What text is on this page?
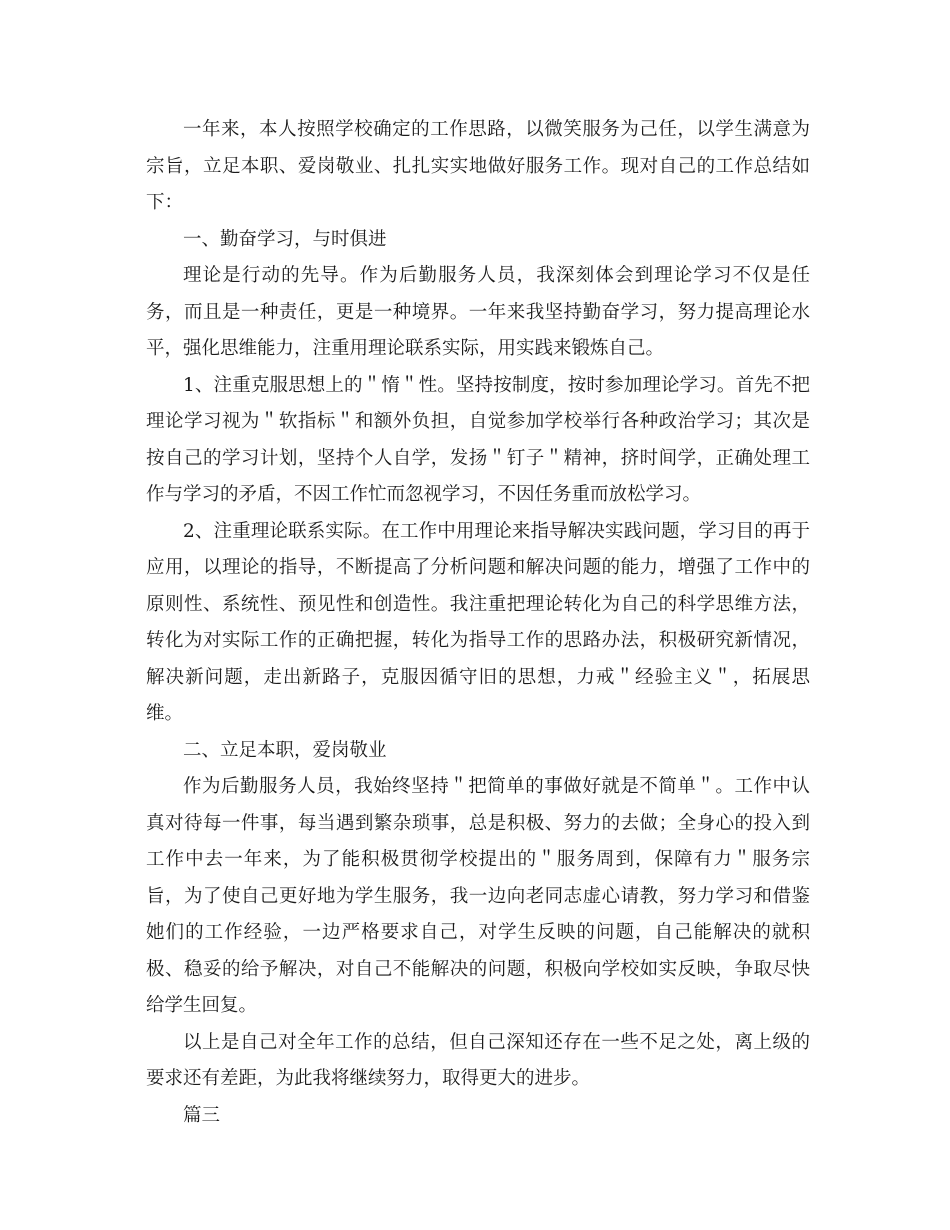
一年来，本人按照学校确定的工作思路，以微笑服务为己任，以学生满意为宗旨，立足本职、爱岗敬业、扎扎实实地做好服务工作。现对自己的工作总结如下：

一、勤奋学习，与时俱进

理论是行动的先导。作为后勤服务人员，我深刻体会到理论学习不仅是任务，而且是一种责任，更是一种境界。一年来我坚持勤奋学习，努力提高理论水平，强化思维能力，注重用理论联系实际，用实践来锻炼自己。

1、注重克服思想上的＂惰＂性。坚持按制度，按时参加理论学习。首先不把理论学习视为＂软指标＂和额外负担，自觉参加学校举行各种政治学习；其次是按自己的学习计划，坚持个人自学，发扬＂钉子＂精神，挤时间学，正确处理工作与学习的矛盾，不因工作忙而忽视学习，不因任务重而放松学习。

2、注重理论联系实际。在工作中用理论来指导解决实践问题，学习目的再于应用，以理论的指导，不断提高了分析问题和解决问题的能力，增强了工作中的原则性、系统性、预见性和创造性。我注重把理论转化为自己的科学思维方法，转化为对实际工作的正确把握，转化为指导工作的思路办法，积极研究新情况，解决新问题，走出新路子，克服因循守旧的思想，力戒＂经验主义＂，拓展思维。

二、立足本职，爱岗敬业

作为后勤服务人员，我始终坚持＂把简单的事做好就是不简单＂。工作中认真对待每一件事，每当遇到繁杂琐事，总是积极、努力的去做；全身心的投入到工作中去一年来，为了能积极贯彻学校提出的＂服务周到，保障有力＂服务宗旨，为了使自己更好地为学生服务，我一边向老同志虚心请教，努力学习和借鉴她们的工作经验，一边严格要求自己，对学生反映的问题，自己能解决的就积极、稳妥的给予解决，对自己不能解决的问题，积极向学校如实反映，争取尽快给学生回复。

以上是自己对全年工作的总结，但自己深知还存在一些不足之处，离上级的要求还有差距，为此我将继续努力，取得更大的进步。

篇三
